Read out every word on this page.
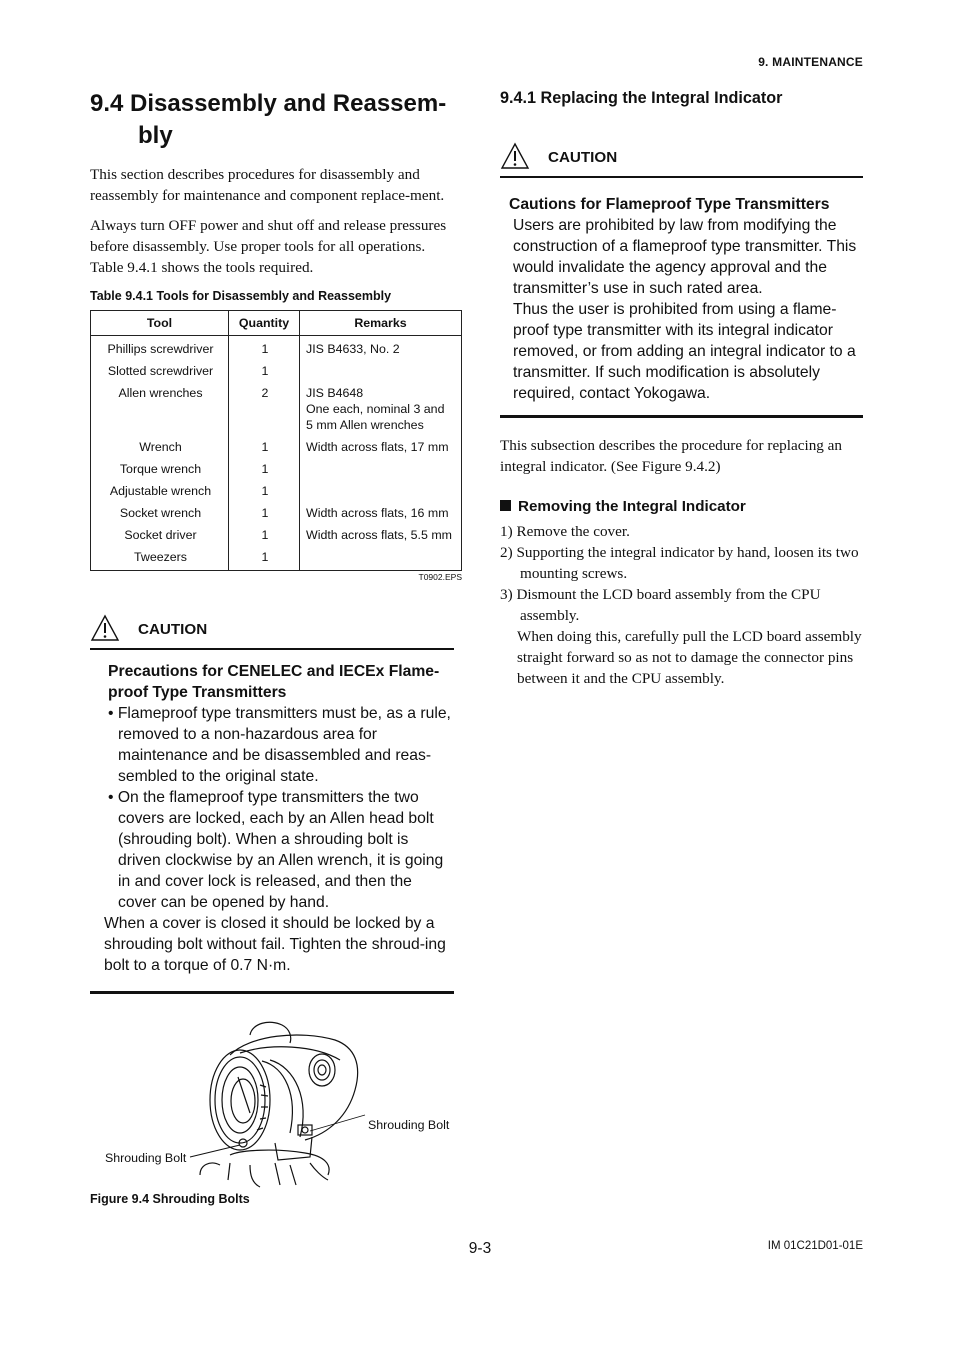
9. MAINTENANCE
9.4 Disassembly and Reassem-bly

This section describes procedures for disassembly and reassembly for maintenance and component replace-ment.

Always turn OFF power and shut off and release pressures before disassembly. Use proper tools for all operations. Table 9.4.1 shows the tools required.

Table 9.4.1 Tools for Disassembly and Reassembly
Tool	Quantity	Remarks
Phillips screwdriver	1	JIS B4633, No. 2
Slotted screwdriver	1	
Allen wrenches	2	JIS B4648
One each, nominal 3 and
5 mm Allen wrenches

Wrench	1	Width across flats, 17 mm
Torque wrench	1	
Adjustable wrench	1	
Socket wrench	1	Width across flats, 16 mm
Socket driver	1	Width across flats, 5.5 mm
Tweezers	1	
T0902.EPS
CAUTION
Precautions for CENELEC and IECEx Flame-proof Type Transmitters
• Flameproof type transmitters must be, as a rule, removed to a non-hazardous area for maintenance and be disassembled and reas-sembled to the original state.
• On the flameproof type transmitters the two covers are locked, each by an Allen head bolt (shrouding bolt). When a shrouding bolt is driven clockwise by an Allen wrench, it is going in and cover lock is released, and then the cover can be opened by hand.
When a cover is closed it should be locked by a shrouding bolt without fail. Tighten the shroud-ing bolt to a torque of 0.7 N·m.
Shrouding Bolt
Shrouding Bolt
Figure 9.4 Shrouding Bolts
9.4.1 Replacing the Integral Indicator
CAUTION
Cautions for Flameproof Type Transmitters
Users are prohibited by law from modifying the construction of a flameproof type transmitter. This would invalidate the agency approval and the transmitter’s use in such rated area.
Thus the user is prohibited from using a flame-proof type transmitter with its integral indicator removed, or from adding an integral indicator to a transmitter. If such modification is absolutely required, contact Yokogawa.

This subsection describes the procedure for replacing an integral indicator. (See Figure 9.4.2)

Removing the Integral Indicator
1) Remove the cover.
2) Supporting the integral indicator by hand, loosen its two mounting screws.
3) Dismount the LCD board assembly from the CPU assembly.
When doing this, carefully pull the LCD board assembly straight forward so as not to damage the connector pins between it and the CPU assembly.
9-3	IM 01C21D01-01E
